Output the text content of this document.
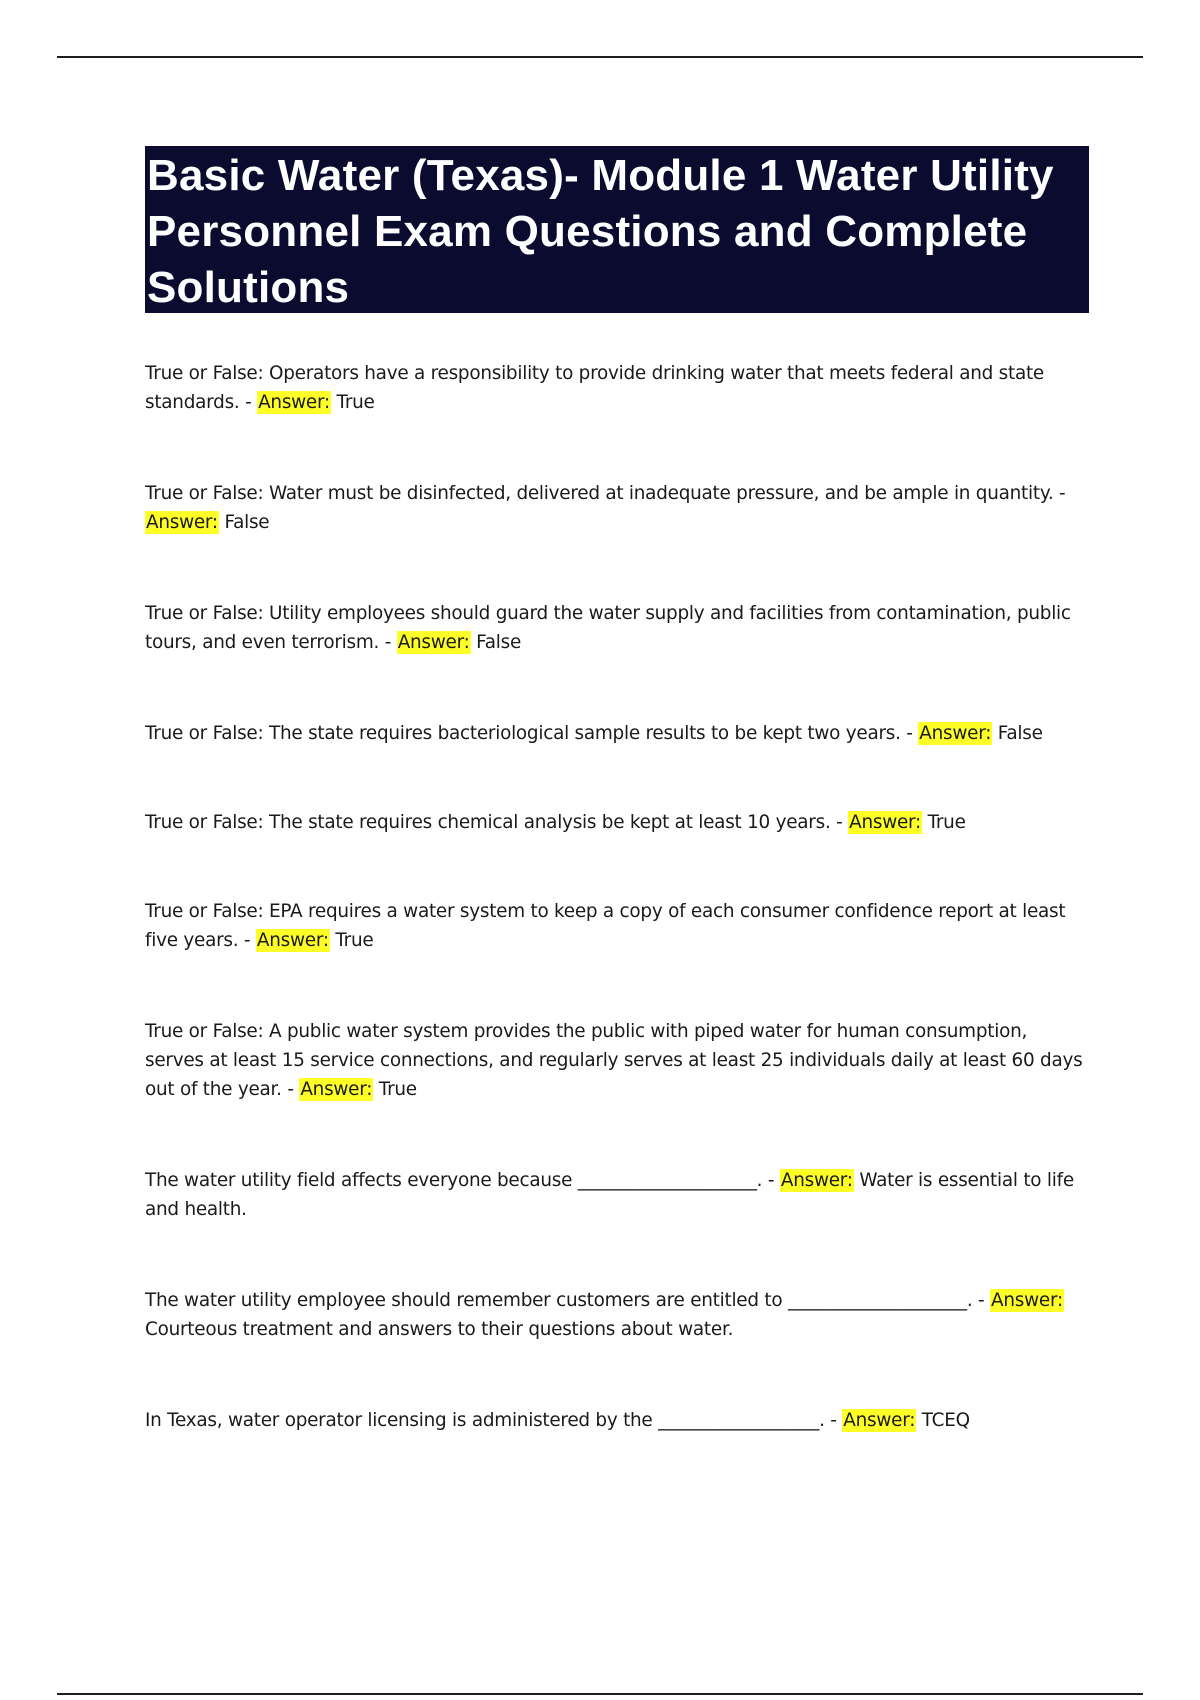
Basic Water (Texas)- Module 1 Water Utility Personnel Exam Questions and Complete Solutions
True or False: Operators have a responsibility to provide drinking water that meets federal and state standards. - Answer: True
True or False: Water must be disinfected, delivered at inadequate pressure, and be ample in quantity. - Answer: False
True or False: Utility employees should guard the water supply and facilities from contamination, public tours, and even terrorism. - Answer: False
True or False: The state requires bacteriological sample results to be kept two years. - Answer: False
True or False: The state requires chemical analysis be kept at least 10 years. - Answer: True
True or False: EPA requires a water system to keep a copy of each consumer confidence report at least five years. - Answer: True
True or False: A public water system provides the public with piped water for human consumption, serves at least 15 service connections, and regularly serves at least 25 individuals daily at least 60 days out of the year. - Answer: True
The water utility field affects everyone because ____________________. - Answer: Water is essential to life and health.
The water utility employee should remember customers are entitled to ____________________. - Answer: Courteous treatment and answers to their questions about water.
In Texas, water operator licensing is administered by the __________________. - Answer: TCEQ
